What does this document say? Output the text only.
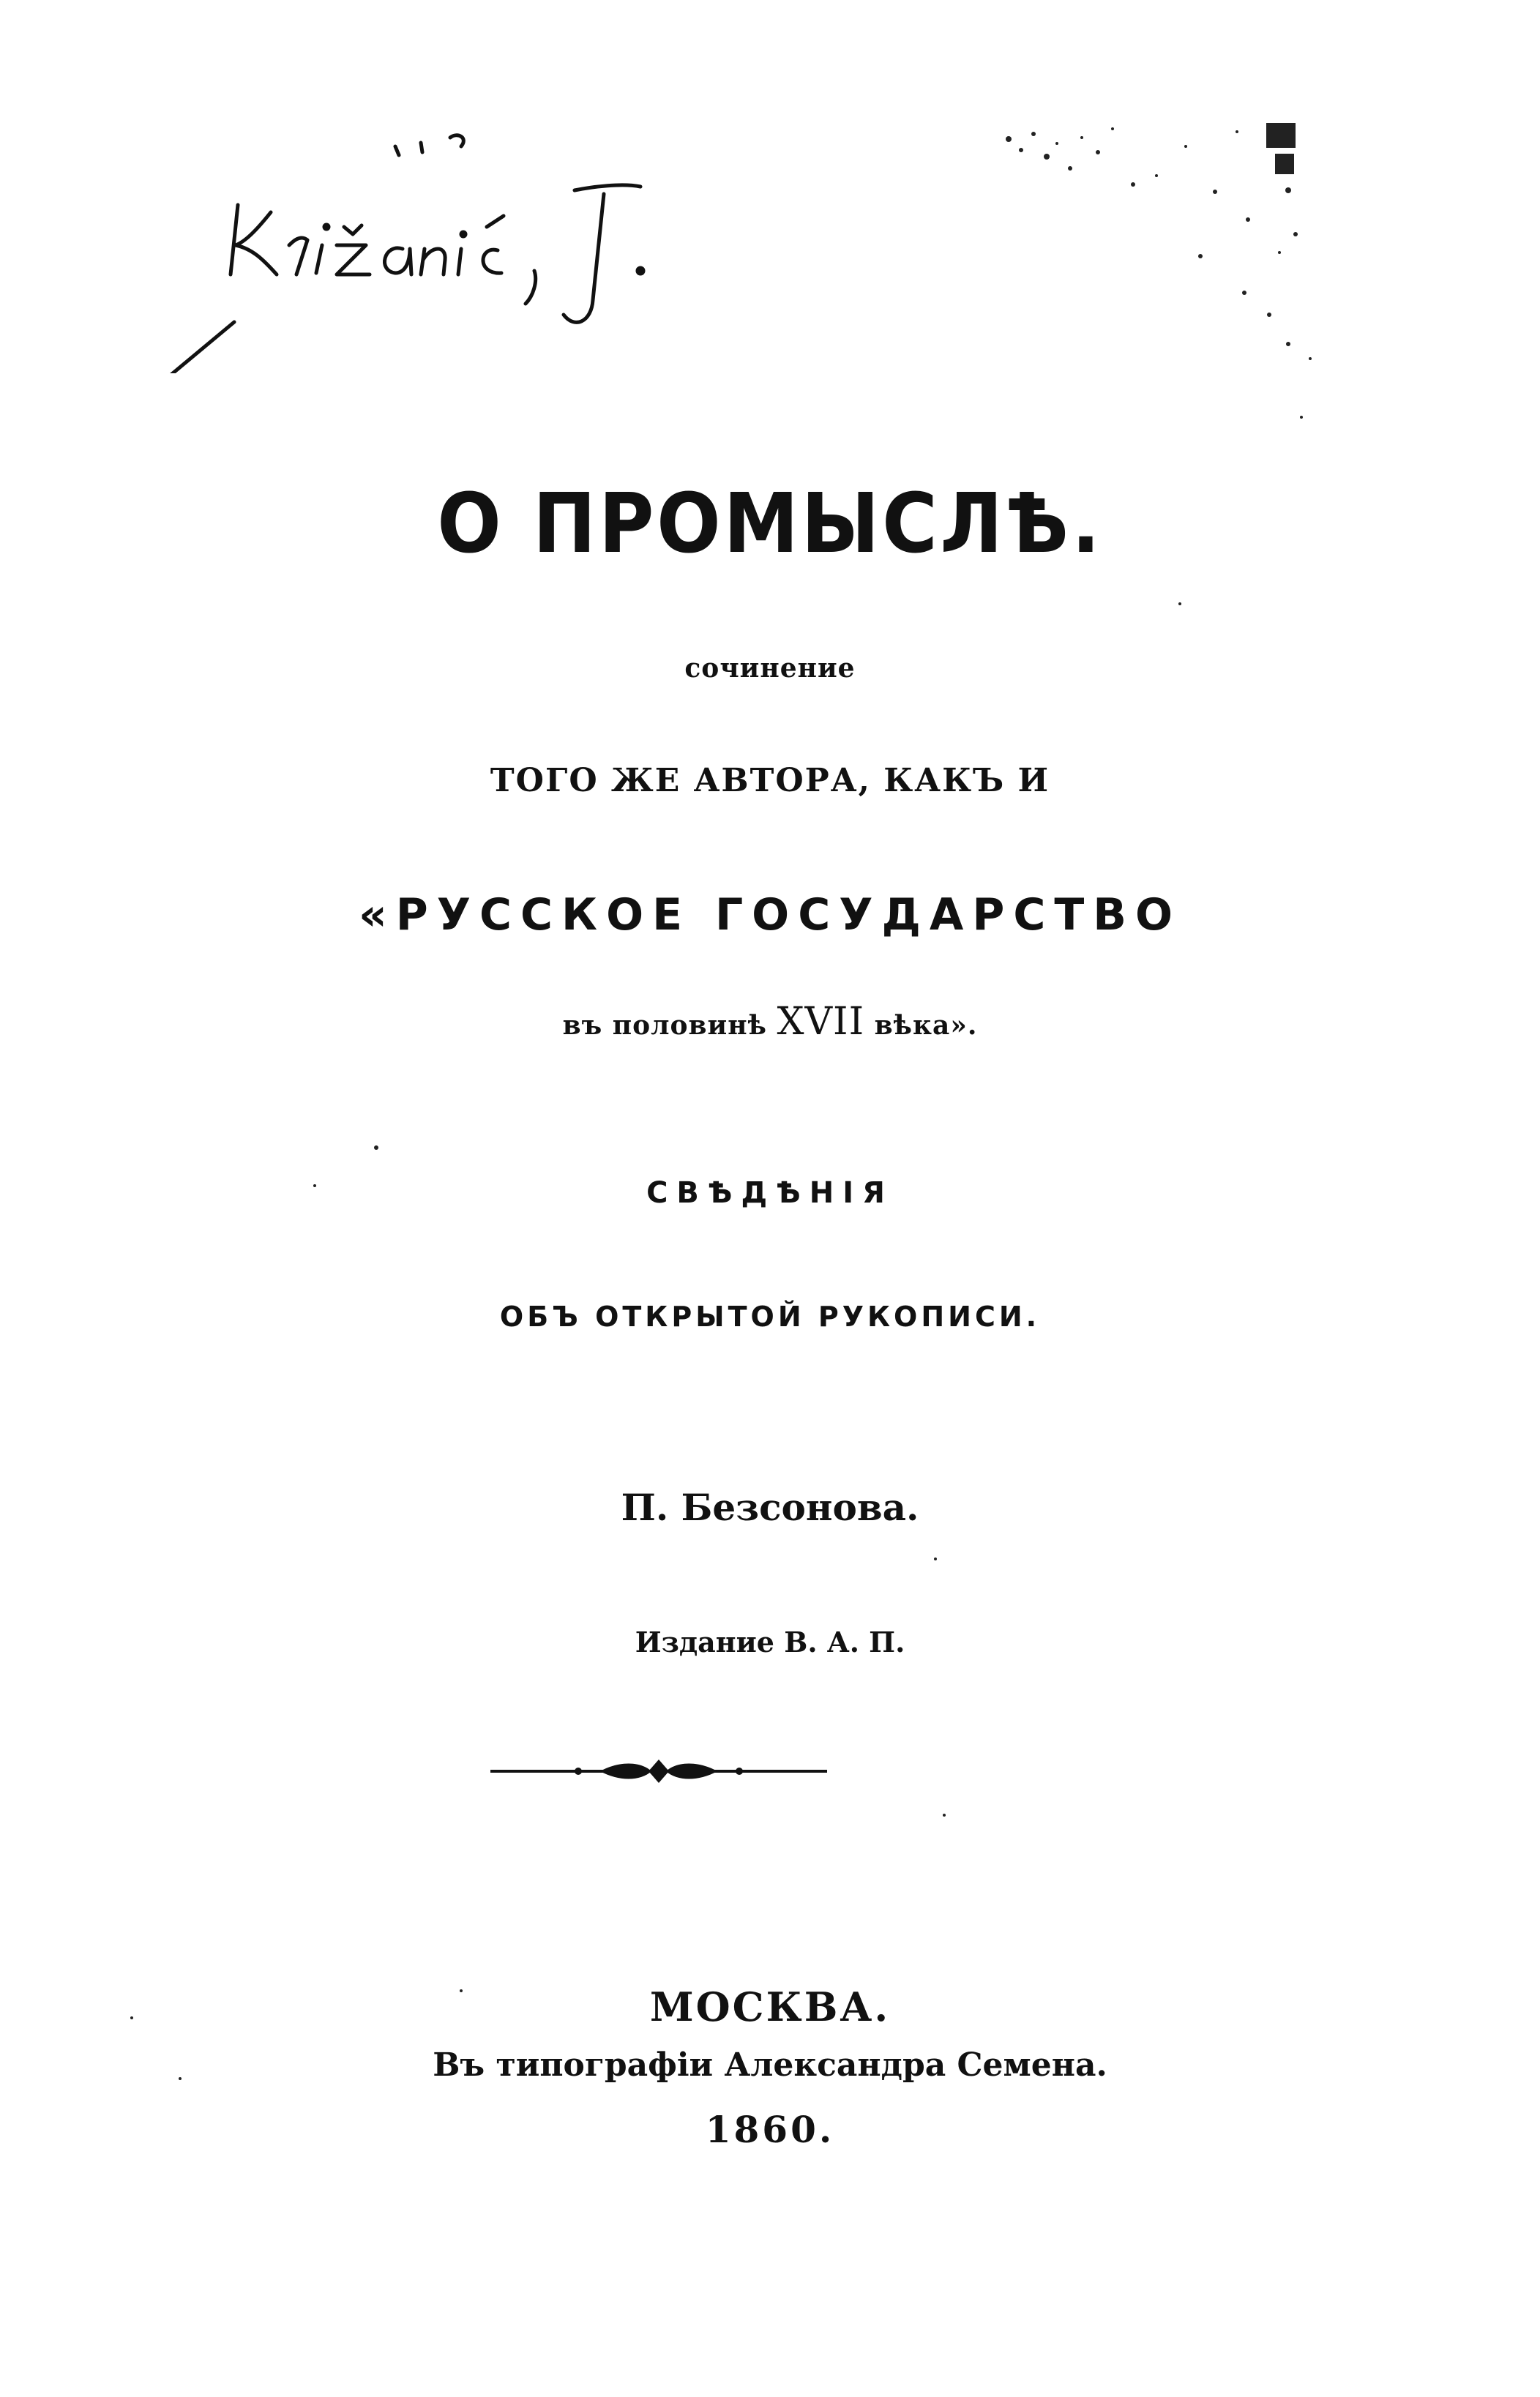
О ПРОМЫСЛѢ.
сочинение
ТОГО ЖЕ АВТОРА, КАКЪ И
«РУССКОЕ ГОСУДАРСТВО
въ половинѣ XVII вѣка».
СВѢДѢНІЯ
ОБЪ ОТКРЫТОЙ РУКОПИСИ.
П. Безсонова.
Издание В. А. П.
МОСКВА.
Въ типографіи Александра Семена.
1860.
